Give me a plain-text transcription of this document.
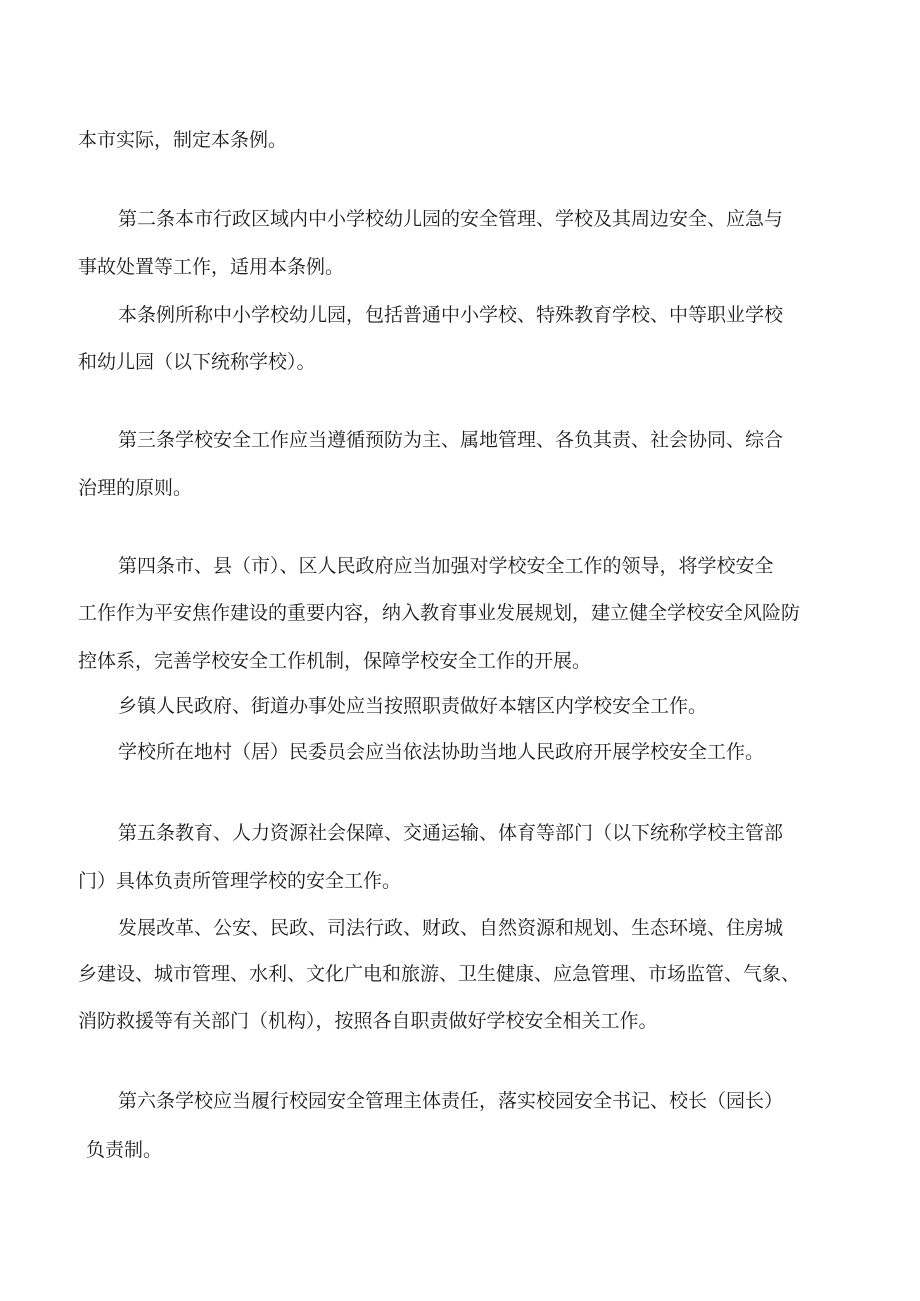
本市实际，制定本条例。

第二条本市行政区域内中小学校幼儿园的安全管理、学校及其周边安全、应急与

事故处置等工作，适用本条例。

本条例所称中小学校幼儿园，包括普通中小学校、特殊教育学校、中等职业学校

和幼儿园（以下统称学校）。

第三条学校安全工作应当遵循预防为主、属地管理、各负其责、社会协同、综合

治理的原则。

第四条市、县（市）、区人民政府应当加强对学校安全工作的领导，将学校安全

工作作为平安焦作建设的重要内容，纳入教育事业发展规划，建立健全学校安全风险防

控体系，完善学校安全工作机制，保障学校安全工作的开展。

乡镇人民政府、街道办事处应当按照职责做好本辖区内学校安全工作。

学校所在地村（居）民委员会应当依法协助当地人民政府开展学校安全工作。

第五条教育、人力资源社会保障、交通运输、体育等部门（以下统称学校主管部

门）具体负责所管理学校的安全工作。

发展改革、公安、民政、司法行政、财政、自然资源和规划、生态环境、住房城

乡建设、城市管理、水利、文化广电和旅游、卫生健康、应急管理、市场监管、气象、

消防救援等有关部门（机构），按照各自职责做好学校安全相关工作。

第六条学校应当履行校园安全管理主体责任，落实校园安全书记、校长（园长）

负责制。
